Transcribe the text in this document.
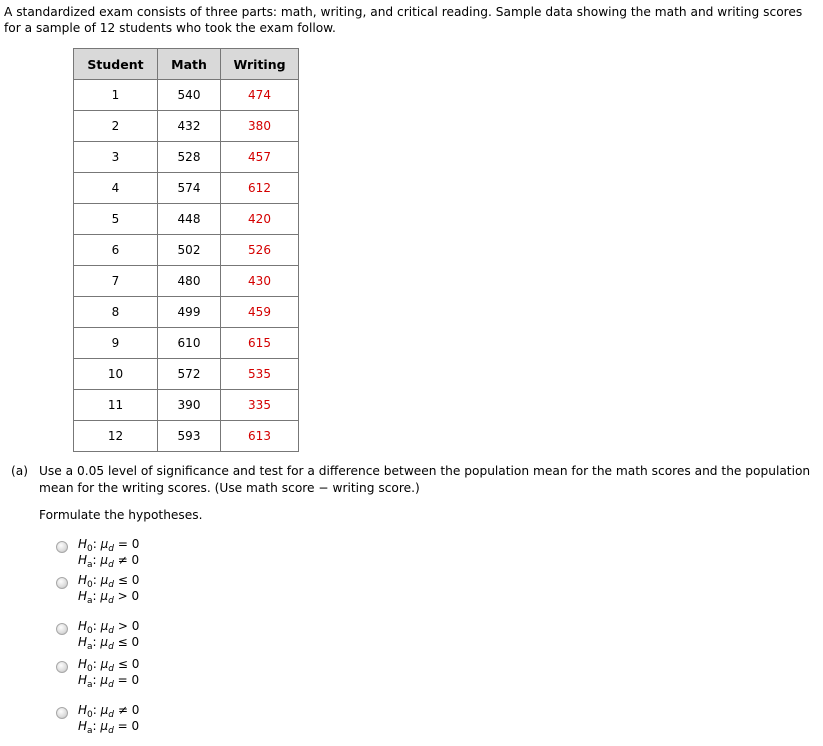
A standardized exam consists of three parts: math, writing, and critical reading. Sample data showing the math and writing scores for a sample of 12 students who took the exam follow.
Student	Math	Writing
1	540	474
2	432	380
3	528	457
4	574	612
5	448	420
6	502	526
7	480	430
8	499	459
9	610	615
10	572	535
11	390	335
12	593	613
(a) Use a 0.05 level of significance and test for a difference between the population mean for the math scores and the population mean for the writing scores. (Use math score − writing score.)
Formulate the hypotheses.
$H_0$: $\mu_d = 0$
$H_a$: $\mu_d \ne 0$
$H_0$: $\mu_d \le 0$
$H_a$: $\mu_d > 0$
$H_0$: $\mu_d > 0$
$H_a$: $\mu_d \le 0$
$H_0$: $\mu_d \le 0$
$H_a$: $\mu_d = 0$
$H_0$: $\mu_d \ne 0$
$H_a$: $\mu_d = 0$
